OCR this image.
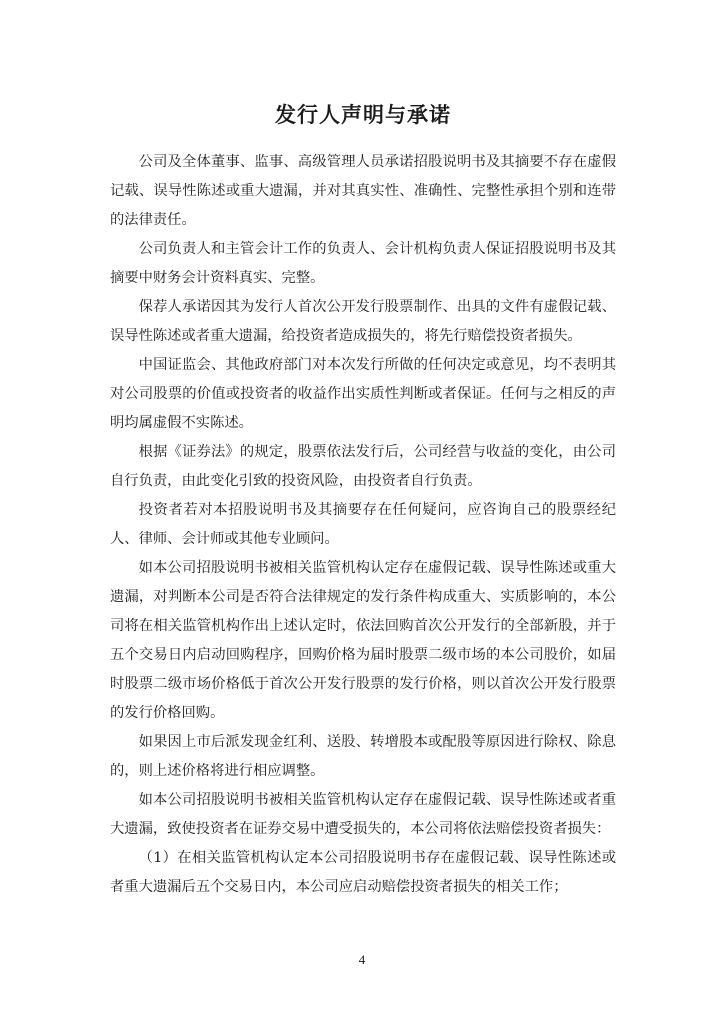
发行人声明与承诺

公司及全体董事、监事、高级管理人员承诺招股说明书及其摘要不存在虚假记载、误导性陈述或重大遗漏，并对其真实性、准确性、完整性承担个别和连带的法律责任。

公司负责人和主管会计工作的负责人、会计机构负责人保证招股说明书及其摘要中财务会计资料真实、完整。

保荐人承诺因其为发行人首次公开发行股票制作、出具的文件有虚假记载、误导性陈述或者重大遗漏，给投资者造成损失的，将先行赔偿投资者损失。

中国证监会、其他政府部门对本次发行所做的任何决定或意见，均不表明其对公司股票的价值或投资者的收益作出实质性判断或者保证。任何与之相反的声明均属虚假不实陈述。

根据《证券法》的规定，股票依法发行后，公司经营与收益的变化，由公司自行负责，由此变化引致的投资风险，由投资者自行负责。

投资者若对本招股说明书及其摘要存在任何疑问，应咨询自己的股票经纪人、律师、会计师或其他专业顾问。

如本公司招股说明书被相关监管机构认定存在虚假记载、误导性陈述或重大遗漏，对判断本公司是否符合法律规定的发行条件构成重大、实质影响的，本公司将在相关监管机构作出上述认定时，依法回购首次公开发行的全部新股，并于五个交易日内启动回购程序，回购价格为届时股票二级市场的本公司股价，如届时股票二级市场价格低于首次公开发行股票的发行价格，则以首次公开发行股票的发行价格回购。

如果因上市后派发现金红利、送股、转增股本或配股等原因进行除权、除息的，则上述价格将进行相应调整。

如本公司招股说明书被相关监管机构认定存在虚假记载、误导性陈述或者重大遗漏，致使投资者在证券交易中遭受损失的，本公司将依法赔偿投资者损失：

（1）在相关监管机构认定本公司招股说明书存在虚假记载、误导性陈述或者重大遗漏后五个交易日内，本公司应启动赔偿投资者损失的相关工作；

4
